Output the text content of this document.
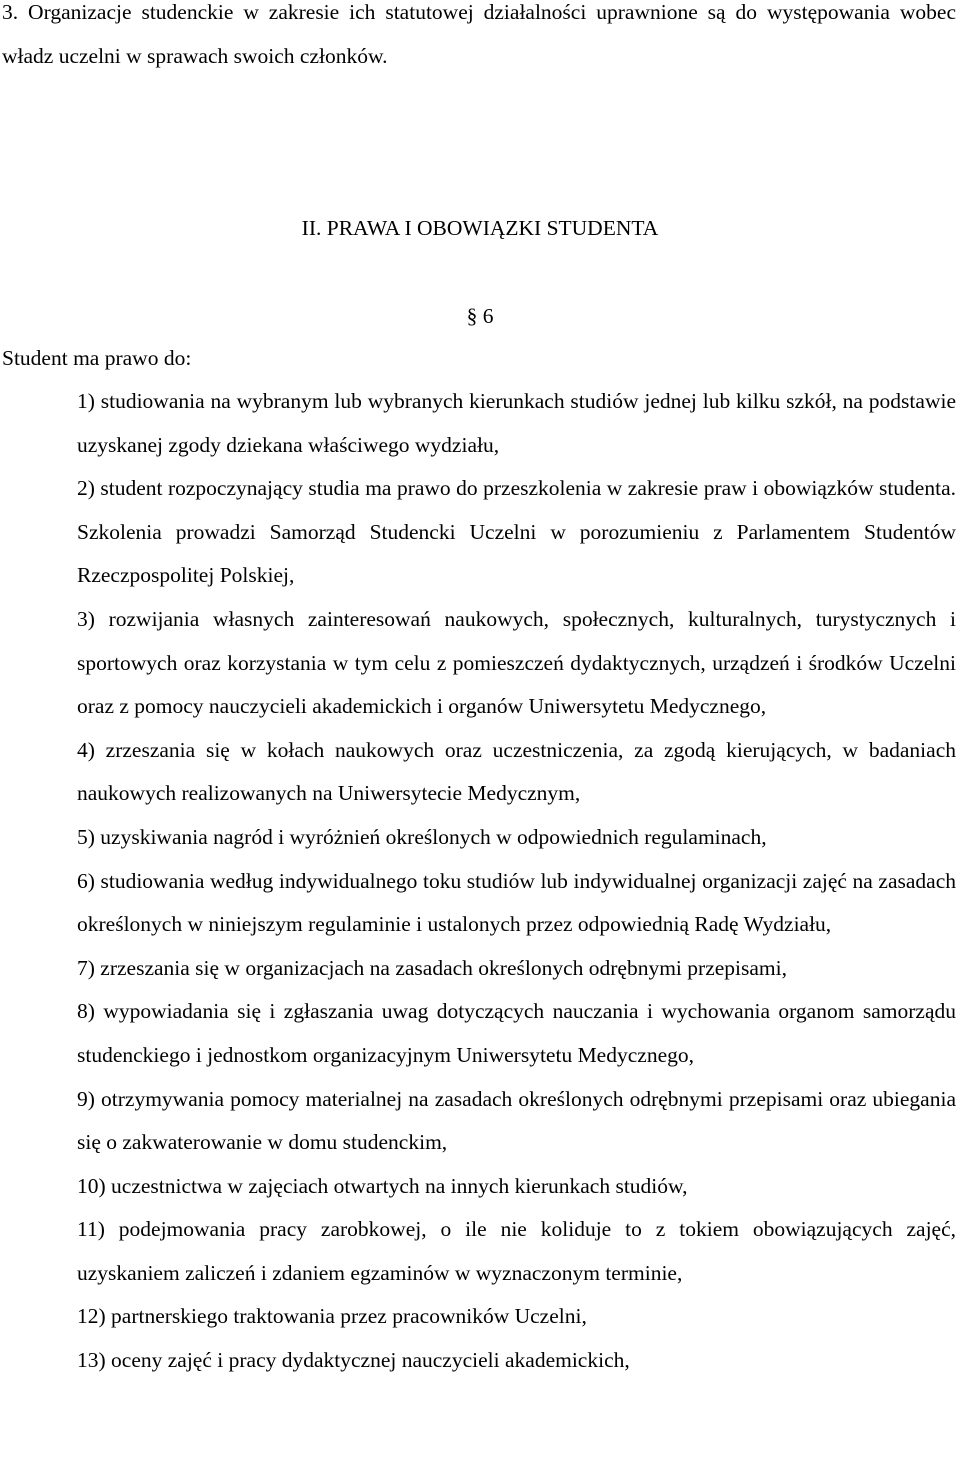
3. Organizacje studenckie w zakresie ich statutowej działalności uprawnione są do występowania wobec władz uczelni w sprawach swoich członków.

II. PRAWA I OBOWIĄZKI STUDENTA

§ 6

Student ma prawo do:

1) studiowania na wybranym lub wybranych kierunkach studiów jednej lub kilku szkół, na podstawie uzyskanej zgody dziekana właściwego wydziału,
2) student rozpoczynający studia ma prawo do przeszkolenia w zakresie praw i obowiązków studenta. Szkolenia prowadzi Samorząd Studencki Uczelni w porozumieniu z Parlamentem Studentów Rzeczpospolitej Polskiej,
3) rozwijania własnych zainteresowań naukowych, społecznych, kulturalnych, turystycznych i sportowych oraz korzystania w tym celu z pomieszczeń dydaktycznych, urządzeń i środków Uczelni oraz z pomocy nauczycieli akademickich i organów Uniwersytetu Medycznego,
4) zrzeszania się w kołach naukowych oraz uczestniczenia, za zgodą kierujących, w badaniach naukowych realizowanych na Uniwersytecie Medycznym,
5) uzyskiwania nagród i wyróżnień określonych w odpowiednich regulaminach,
6) studiowania według indywidualnego toku studiów lub indywidualnej organizacji zajęć na zasadach określonych w niniejszym regulaminie i ustalonych przez odpowiednią Radę Wydziału,
7) zrzeszania się w organizacjach na zasadach określonych odrębnymi przepisami,
8) wypowiadania się i zgłaszania uwag dotyczących nauczania i wychowania organom samorządu studenckiego i jednostkom organizacyjnym Uniwersytetu Medycznego,
9) otrzymywania pomocy materialnej na zasadach określonych odrębnymi przepisami oraz ubiegania się o zakwaterowanie w domu studenckim,
10) uczestnictwa w zajęciach otwartych na innych kierunkach studiów,
11) podejmowania pracy zarobkowej, o ile nie koliduje to z tokiem obowiązujących zajęć, uzyskaniem zaliczeń i zdaniem egzaminów w wyznaczonym terminie,
12) partnerskiego traktowania przez pracowników Uczelni,
13) oceny zajęć i pracy dydaktycznej nauczycieli akademickich,
